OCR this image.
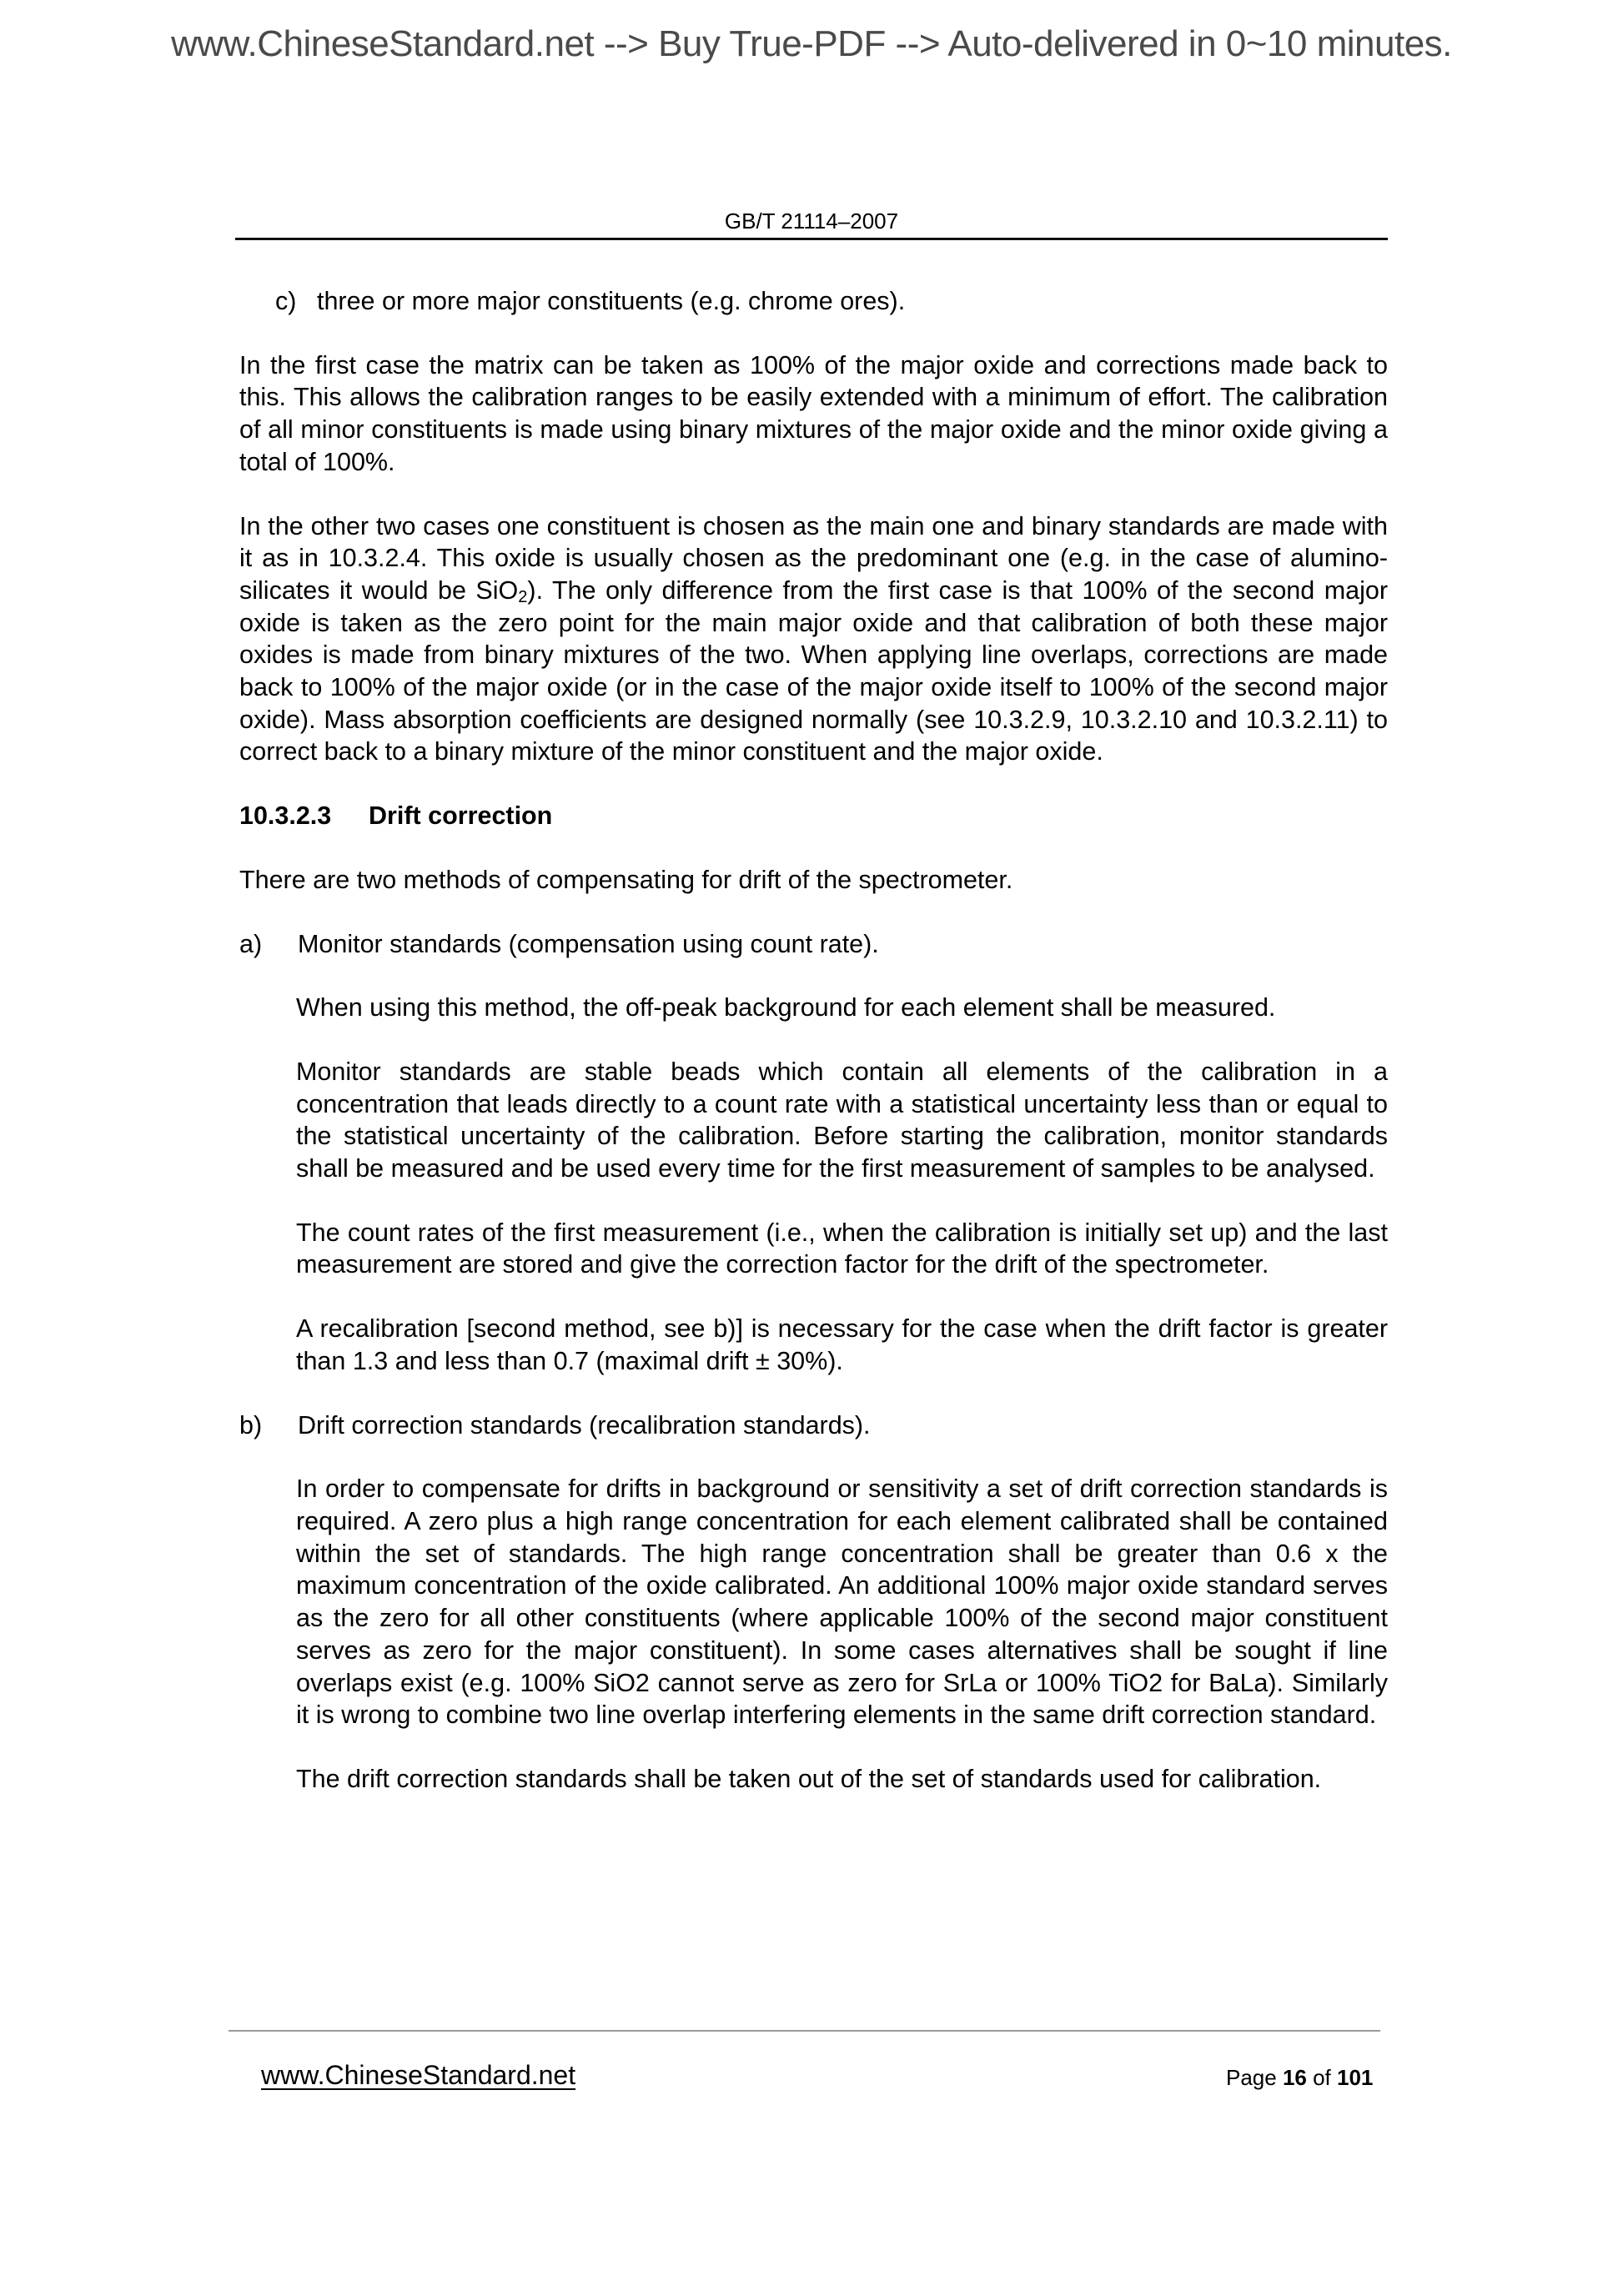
www.ChineseStandard.net --> Buy True-PDF --> Auto-delivered in 0~10 minutes.
GB/T 21114–2007
c) three or more major constituents (e.g. chrome ores).

In the first case the matrix can be taken as 100% of the major oxide and corrections made back to this. This allows the calibration ranges to be easily extended with a minimum of effort. The calibration of all minor constituents is made using binary mixtures of the major oxide and the minor oxide giving a total of 100%.

In the other two cases one constituent is chosen as the main one and binary standards are made with it as in 10.3.2.4. This oxide is usually chosen as the predominant one (e.g. in the case of alumino-silicates it would be SiO$_2$). The only difference from the first case is that 100% of the second major oxide is taken as the zero point for the main major oxide and that calibration of both these major oxides is made from binary mixtures of the two. When applying line overlaps, corrections are made back to 100% of the major oxide (or in the case of the major oxide itself to 100% of the second major oxide). Mass absorption coefficients are designed normally (see 10.3.2.9, 10.3.2.10 and 10.3.2.11) to correct back to a binary mixture of the minor constituent and the major oxide.

10.3.2.3 Drift correction

There are two methods of compensating for drift of the spectrometer.

a)	Monitor standards (compensation using count rate).

When using this method, the off-peak background for each element shall be measured.

Monitor standards are stable beads which contain all elements of the calibration in a concentration that leads directly to a count rate with a statistical uncertainty less than or equal to the statistical uncertainty of the calibration. Before starting the calibration, monitor standards shall be measured and be used every time for the first measurement of samples to be analysed.

The count rates of the first measurement (i.e., when the calibration is initially set up) and the last measurement are stored and give the correction factor for the drift of the spectrometer.

A recalibration [second method, see b)] is necessary for the case when the drift factor is greater than 1.3 and less than 0.7 (maximal drift ± 30%).

b)	Drift correction standards (recalibration standards).

In order to compensate for drifts in background or sensitivity a set of drift correction standards is required. A zero plus a high range concentration for each element calibrated shall be contained within the set of standards. The high range concentration shall be greater than 0.6 x the maximum concentration of the oxide calibrated. An additional 100% major oxide standard serves as the zero for all other constituents (where applicable 100% of the second major constituent serves as zero for the major constituent). In some cases alternatives shall be sought if line overlaps exist (e.g. 100% SiO2 cannot serve as zero for SrLa or 100% TiO2 for BaLa). Similarly it is wrong to combine two line overlap interfering elements in the same drift correction standard.

The drift correction standards shall be taken out of the set of standards used for calibration.

www.ChineseStandard.net	Page 16 of 101
